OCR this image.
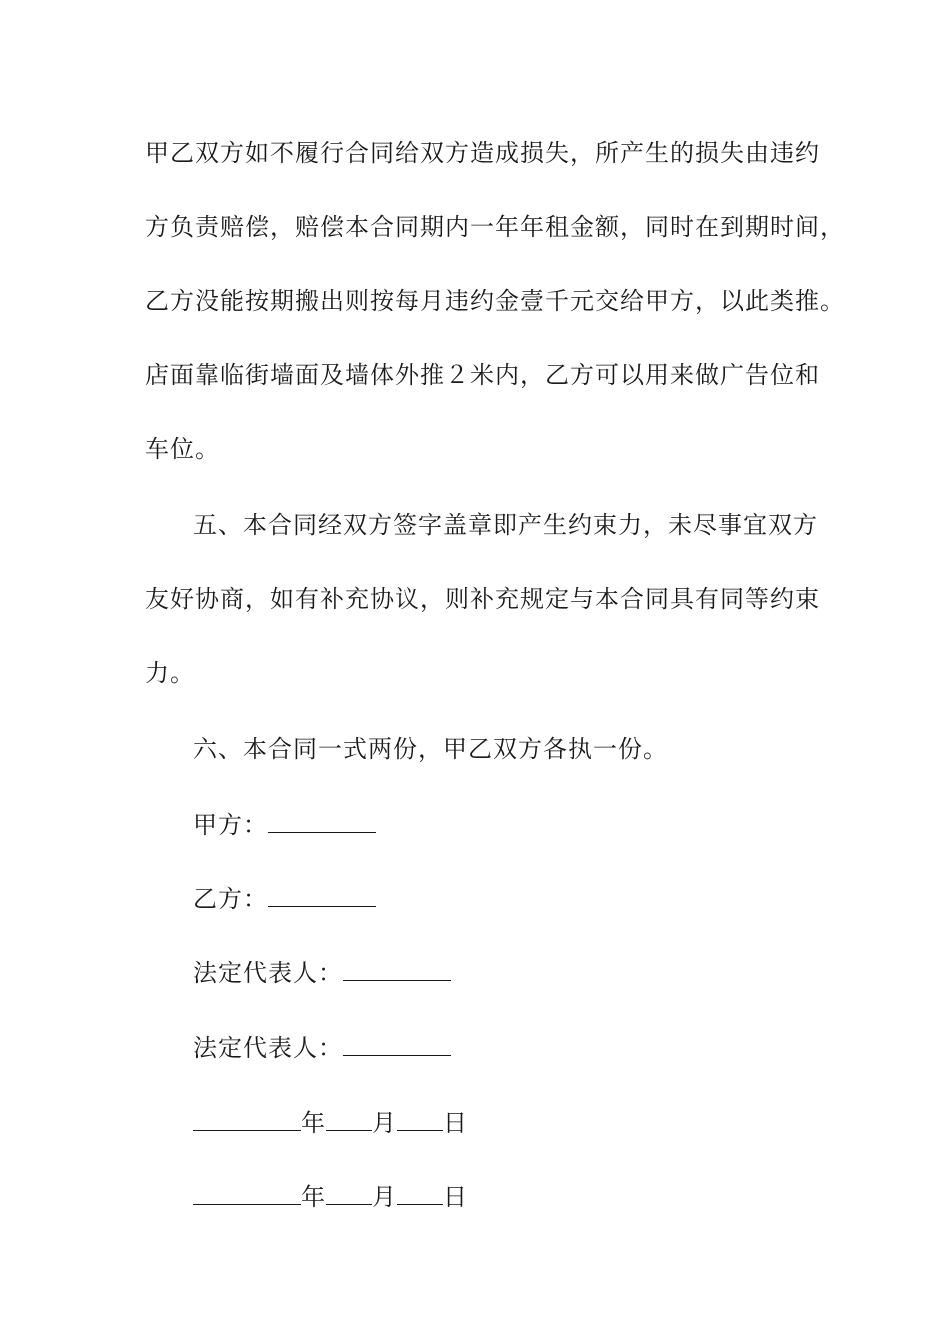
甲乙双方如不履行合同给双方造成损失，所产生的损失由违约
方负责赔偿，赔偿本合同期内一年年租金额，同时在到期时间，
乙方没能按期搬出则按每月违约金壹千元交给甲方，以此类推。
店面靠临街墙面及墙体外推２米内，乙方可以用来做广告位和
车位。
五、本合同经双方签字盖章即产生约束力，未尽事宜双方
友好协商，如有补充协议，则补充规定与本合同具有同等约束
力。
六、本合同一式两份，甲乙双方各执一份。
甲方：
乙方：
法定代表人：
法定代表人：
年 月 日
年 月 日
